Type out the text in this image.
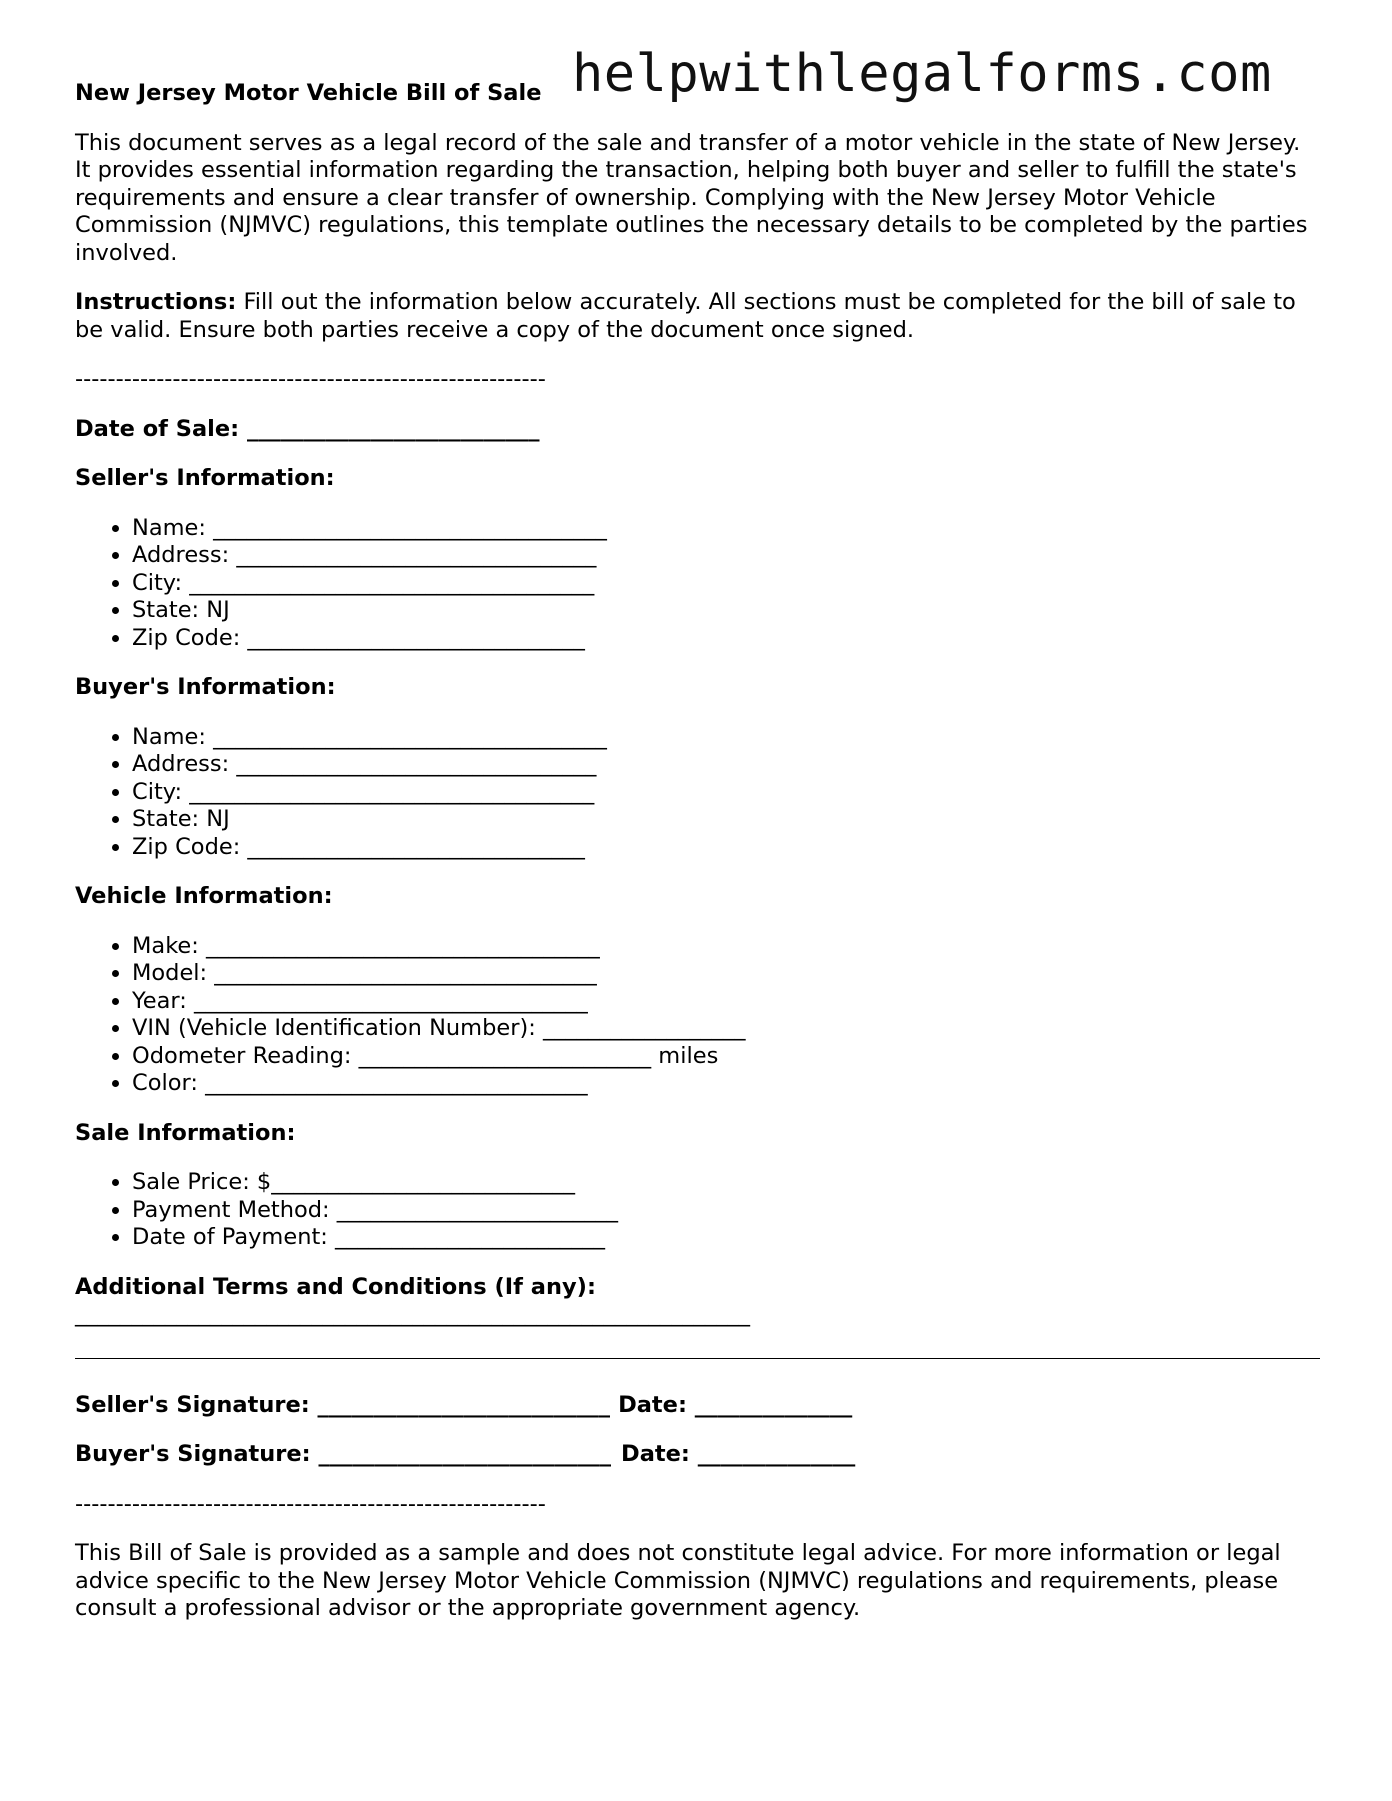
helpwithlegalforms.com
New Jersey Motor Vehicle Bill of Sale

This document serves as a legal record of the sale and transfer of a motor vehicle in the state of New Jersey. It provides essential information regarding the transaction, helping both buyer and seller to fulfill the state's requirements and ensure a clear transfer of ownership. Complying with the New Jersey Motor Vehicle Commission (NJMVC) regulations, this template outlines the necessary details to be completed by the parties involved.

Instructions: Fill out the information below accurately. All sections must be completed for the bill of sale to be valid. Ensure both parties receive a copy of the document once signed.

----------------------------------------------------------
Date of Sale: __________________________
Seller's Information:
• Name: ___________________________________
• Address: ________________________________
• City: ____________________________________
• State: NJ
• Zip Code: ______________________________
Buyer's Information:
• Name: ___________________________________
• Address: ________________________________
• City: ____________________________________
• State: NJ
• Zip Code: ______________________________
Vehicle Information:
• Make: ___________________________________
• Model: __________________________________
• Year: ___________________________________
• VIN (Vehicle Identification Number): __________________
• Odometer Reading: __________________________ miles
• Color: __________________________________
Sale Information:
• Sale Price: $___________________________
• Payment Method: _________________________
• Date of Payment: ________________________
Additional Terms and Conditions (If any):
____________________________________________________________
Seller's Signature: __________________________ Date: ______________
Buyer's Signature: __________________________ Date: ______________
----------------------------------------------------------

This Bill of Sale is provided as a sample and does not constitute legal advice. For more information or legal advice specific to the New Jersey Motor Vehicle Commission (NJMVC) regulations and requirements, please consult a professional advisor or the appropriate government agency.
